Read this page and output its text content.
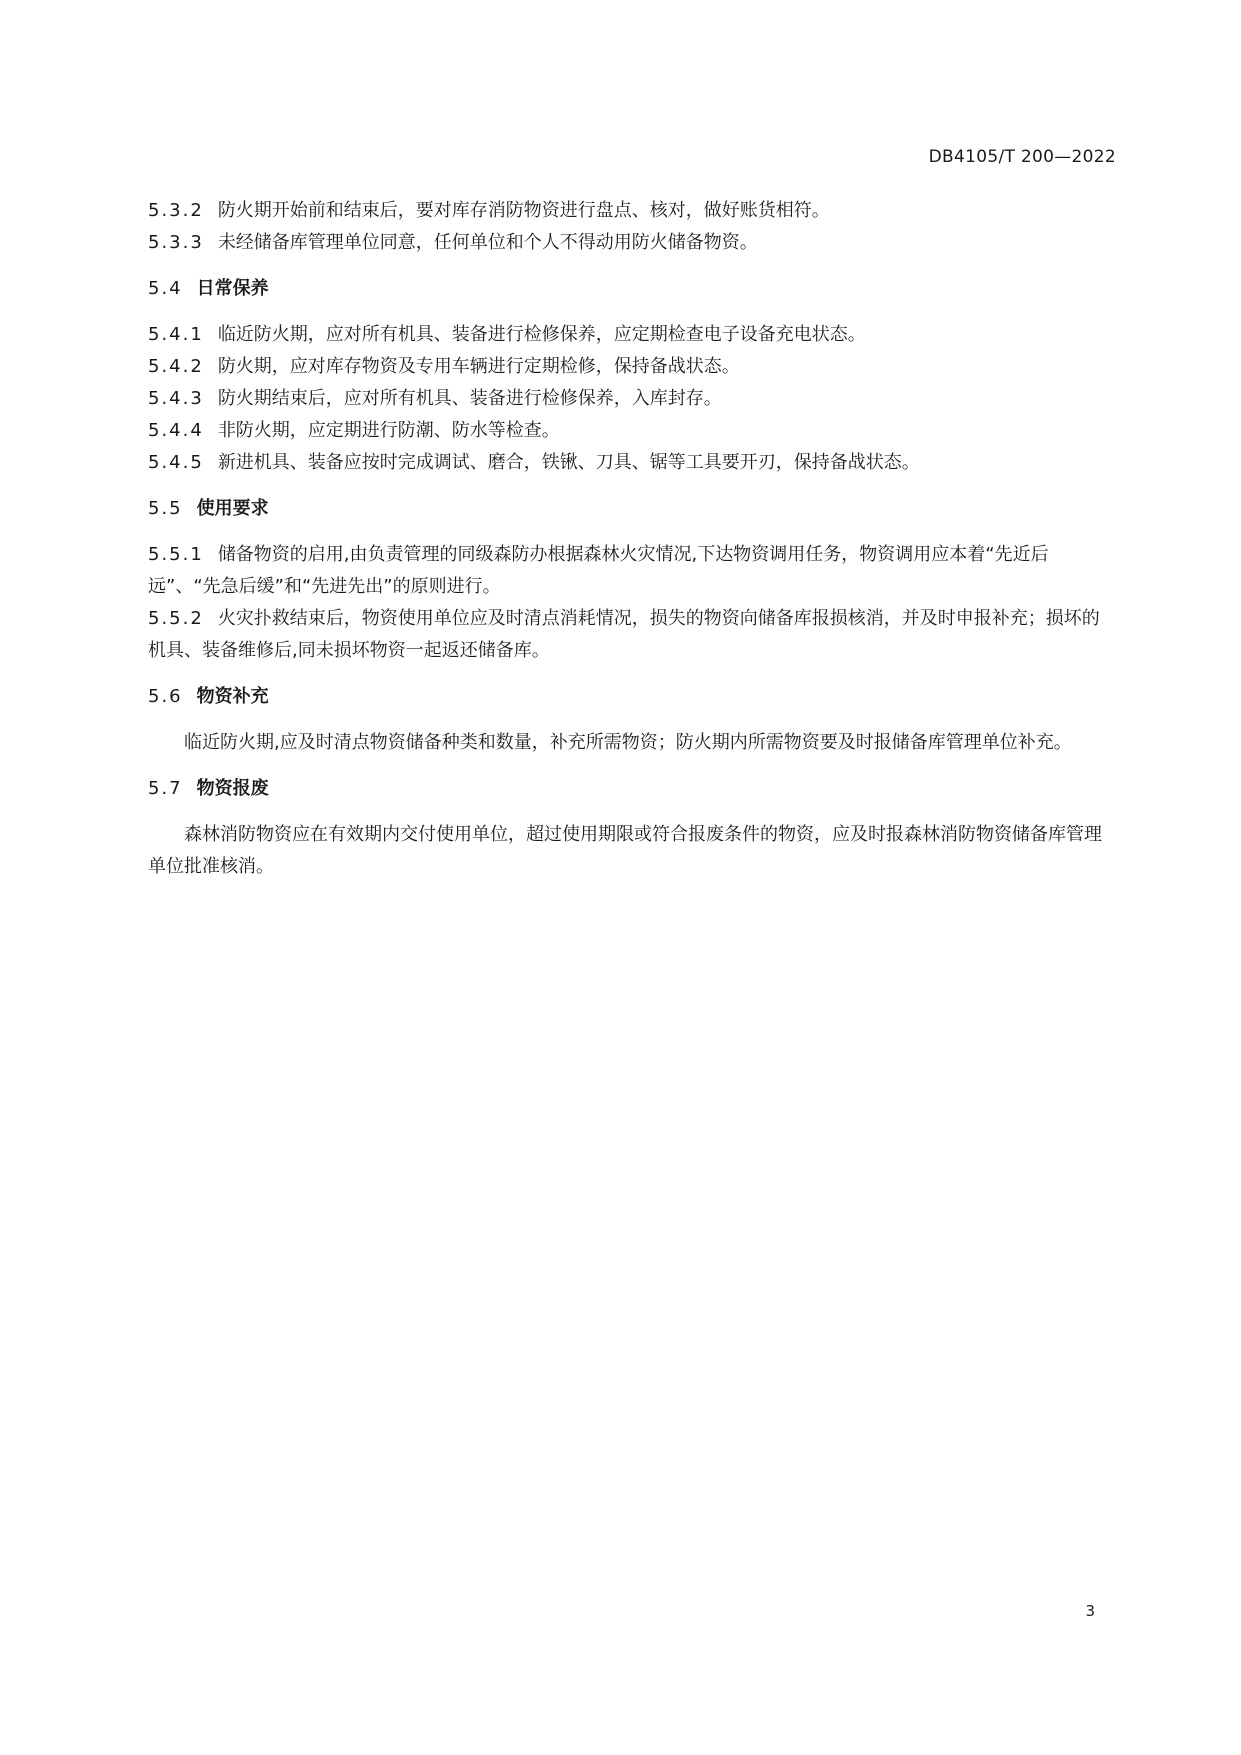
DB4105/T 200—2022

5.3.2 防火期开始前和结束后，要对库存消防物资进行盘点、核对，做好账货相符。

5.3.3 未经储备库管理单位同意，任何单位和个人不得动用防火储备物资。

5.4 日常保养

5.4.1 临近防火期，应对所有机具、装备进行检修保养，应定期检查电子设备充电状态。

5.4.2 防火期，应对库存物资及专用车辆进行定期检修，保持备战状态。

5.4.3 防火期结束后，应对所有机具、装备进行检修保养，入库封存。

5.4.4 非防火期，应定期进行防潮、防水等检查。

5.4.5 新进机具、装备应按时完成调试、磨合，铁锹、刀具、锯等工具要开刃，保持备战状态。

5.5 使用要求

5.5.1 储备物资的启用,由负责管理的同级森防办根据森林火灾情况,下达物资调用任务，物资调用应本着“先近后远”、“先急后缓”和“先进先出”的原则进行。

5.5.2 火灾扑救结束后，物资使用单位应及时清点消耗情况，损失的物资向储备库报损核消，并及时申报补充；损坏的机具、装备维修后,同未损坏物资一起返还储备库。

5.6 物资补充

临近防火期,应及时清点物资储备种类和数量，补充所需物资；防火期内所需物资要及时报储备库管理单位补充。

5.7 物资报废

森林消防物资应在有效期内交付使用单位，超过使用期限或符合报废条件的物资，应及时报森林消防物资储备库管理单位批准核消。

3
